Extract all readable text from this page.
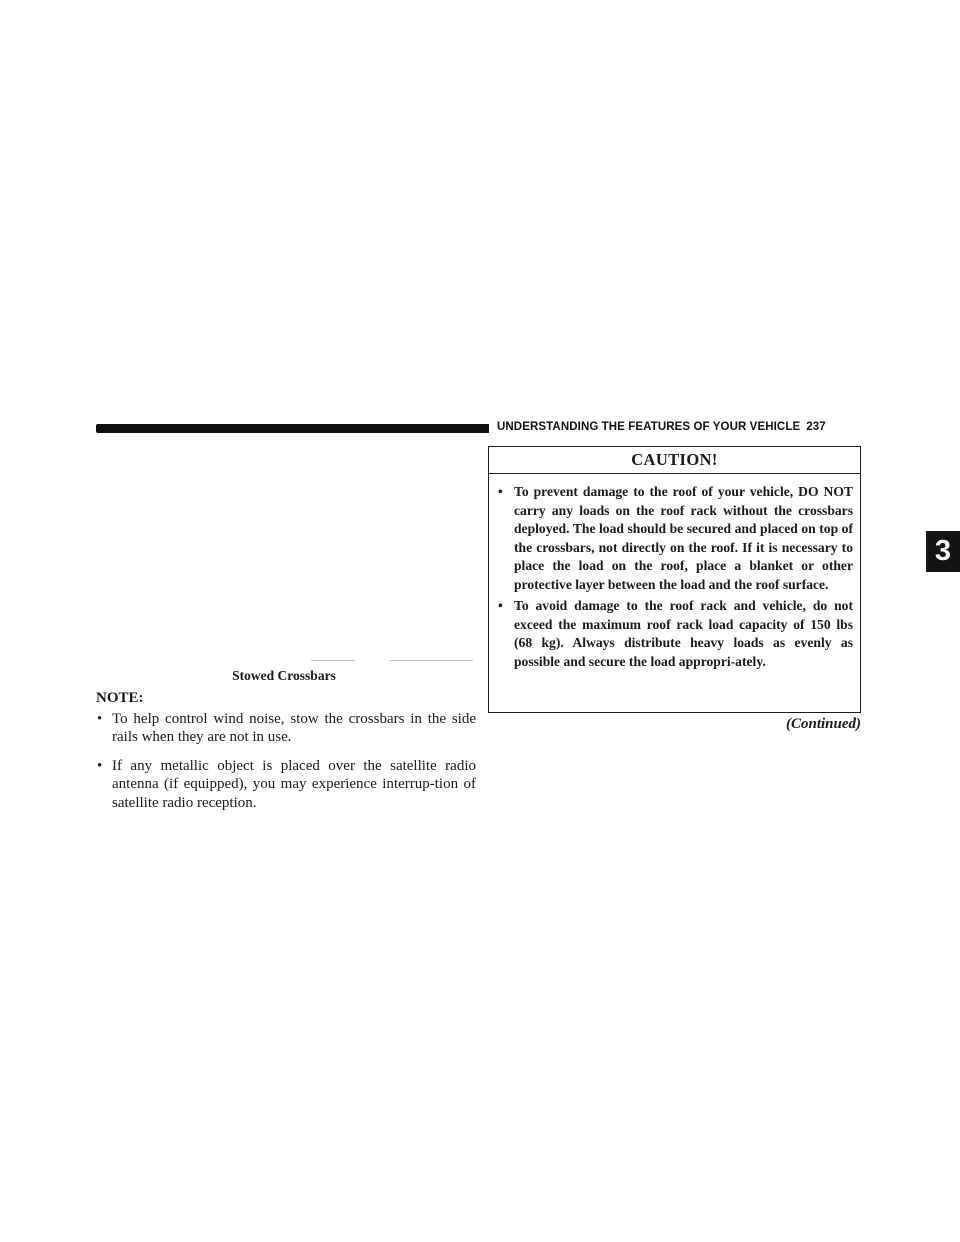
UNDERSTANDING THE FEATURES OF YOUR VEHICLE 237
3
Stowed Crossbars
NOTE:
• To help control wind noise, stow the crossbars in the side rails when they are not in use.
• If any metallic object is placed over the satellite radio antenna (if equipped), you may experience interrup-tion of satellite radio reception.
CAUTION!
• To prevent damage to the roof of your vehicle, DO NOT carry any loads on the roof rack without the crossbars deployed. The load should be secured and placed on top of the crossbars, not directly on the roof. If it is necessary to place the load on the roof, place a blanket or other protective layer between the load and the roof surface.
• To avoid damage to the roof rack and vehicle, do not exceed the maximum roof rack load capacity of 150 lbs (68 kg). Always distribute heavy loads as evenly as possible and secure the load appropri-ately.
(Continued)
